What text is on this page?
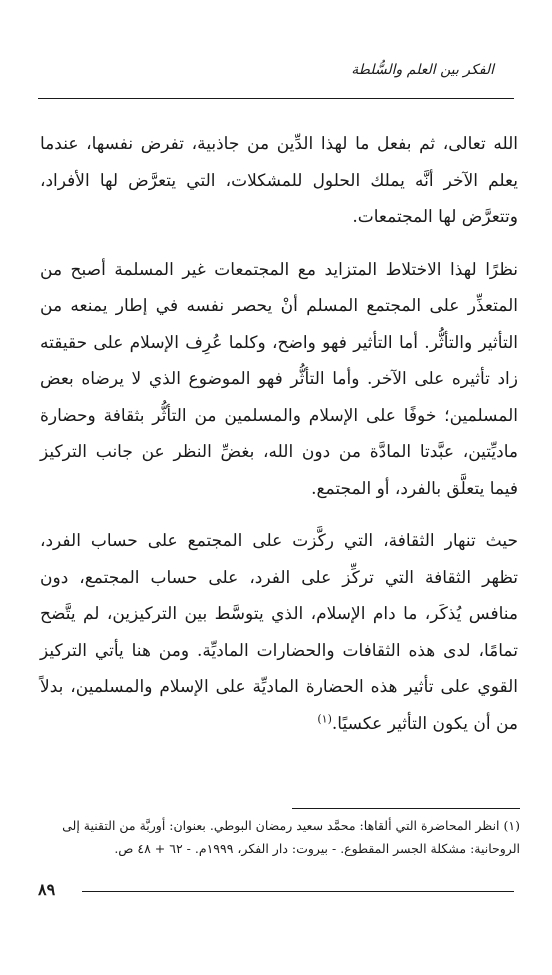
الفكر بين العلم والسُّلطة

الله تعالى، ثم بفعل ما لهذا الدِّين من جاذبية، تفرض نفسها، عندما يعلم الآخر أنَّه يملك الحلول للمشكلات، التي يتعرَّض لها الأفراد، وتتعرَّض لها المجتمعات.

نظرًا لهذا الاختلاط المتزايد مع المجتمعات غير المسلمة أصبح من المتعذِّر على المجتمع المسلم أنْ يحصر نفسه في إطار يمنعه من التأثير والتأثُّر. أما التأثير فهو واضح، وكلما عُرِف الإسلام على حقيقته زاد تأثيره على الآخر. وأما التأثُّر فهو الموضوع الذي لا يرضاه بعض المسلمين؛ خوفًا على الإسلام والمسلمين من التأثُّر بثقافة وحضارة ماديِّتين، عبَّدتا المادَّة من دون الله، بغضِّ النظر عن جانب التركيز فيما يتعلَّق بالفرد، أو المجتمع.

حيث تنهار الثقافة، التي ركَّزت على المجتمع على حساب الفرد، تظهر الثقافة التي تركِّز على الفرد، على حساب المجتمع، دون منافس يُذكَر، ما دام الإسلام، الذي يتوسَّط بين التركيزين، لم يتَّضح تمامًا، لدى هذه الثقافات والحضارات الماديِّة. ومن هنا يأتي التركيز القوي على تأثير هذه الحضارة الماديِّة على الإسلام والمسلمين، بدلاً من أن يكون التأثير عكسيًا.$^{(١)}$

(١) انظر المحاضرة التي ألقاها: محمَّد سعيد رمضان البوطي. بعنوان: أوربَّة من التقنية إلى الروحانية: مشكلة الجسر المقطوع. - بيروت: دار الفكر، ١٩٩٩م. - ٦٢ + ٤٨ ص.

٨٩
